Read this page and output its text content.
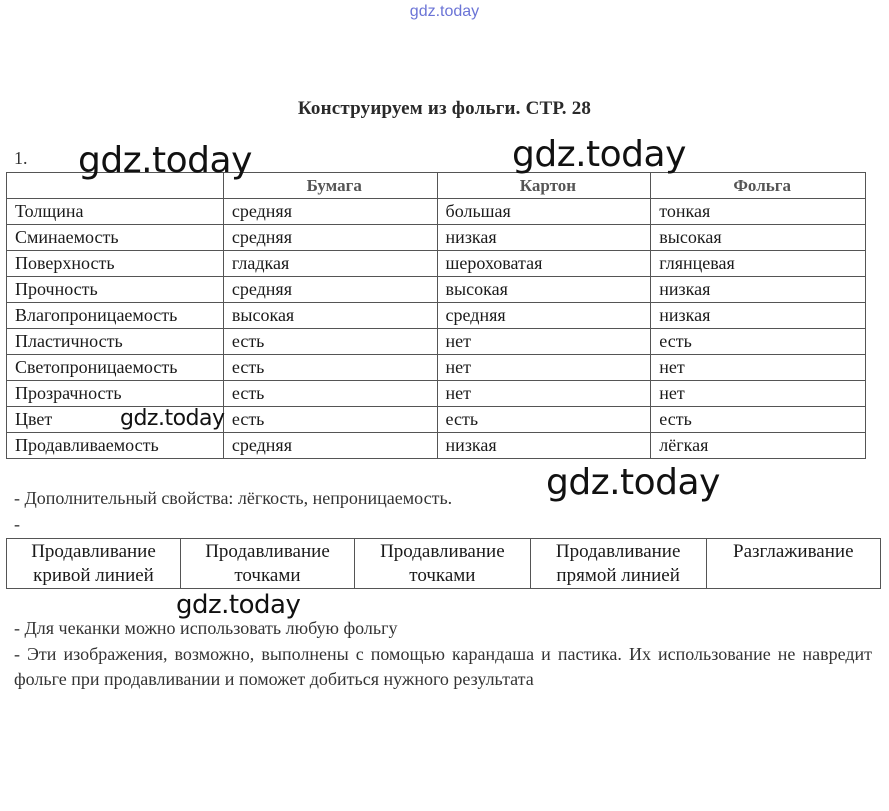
gdz.today
Конструируем из фольги. СТР. 28
1.
	Бумага	Картон	Фольга
Толщина	средняя	большая	тонкая
Сминаемость	средняя	низкая	высокая
Поверхность	гладкая	шероховатая	глянцевая
Прочность	средняя	высокая	низкая
Влагопроницаемость	высокая	средняя	низкая
Пластичность	есть	нет	есть
Светопроницаемость	есть	нет	нет
Прозрачность	есть	нет	нет
Цвет	есть	есть	есть
Продавливаемость	средняя	низкая	лёгкая
- Дополнительный свойства: лёгкость, непроницаемость.
-
Продавливание кривой линией	Продавливание точками	Продавливание точками	Продавливание прямой линией	Разглаживание
- Для чеканки можно использовать любую фольгу
- Эти изображения, возможно, выполнены с помощью карандаша и пастика. Их использование не навредит фольге при продавливании и поможет добиться нужного результата
gdz.today	gdz.today
gdz.today
gdz.today
gdz.today
